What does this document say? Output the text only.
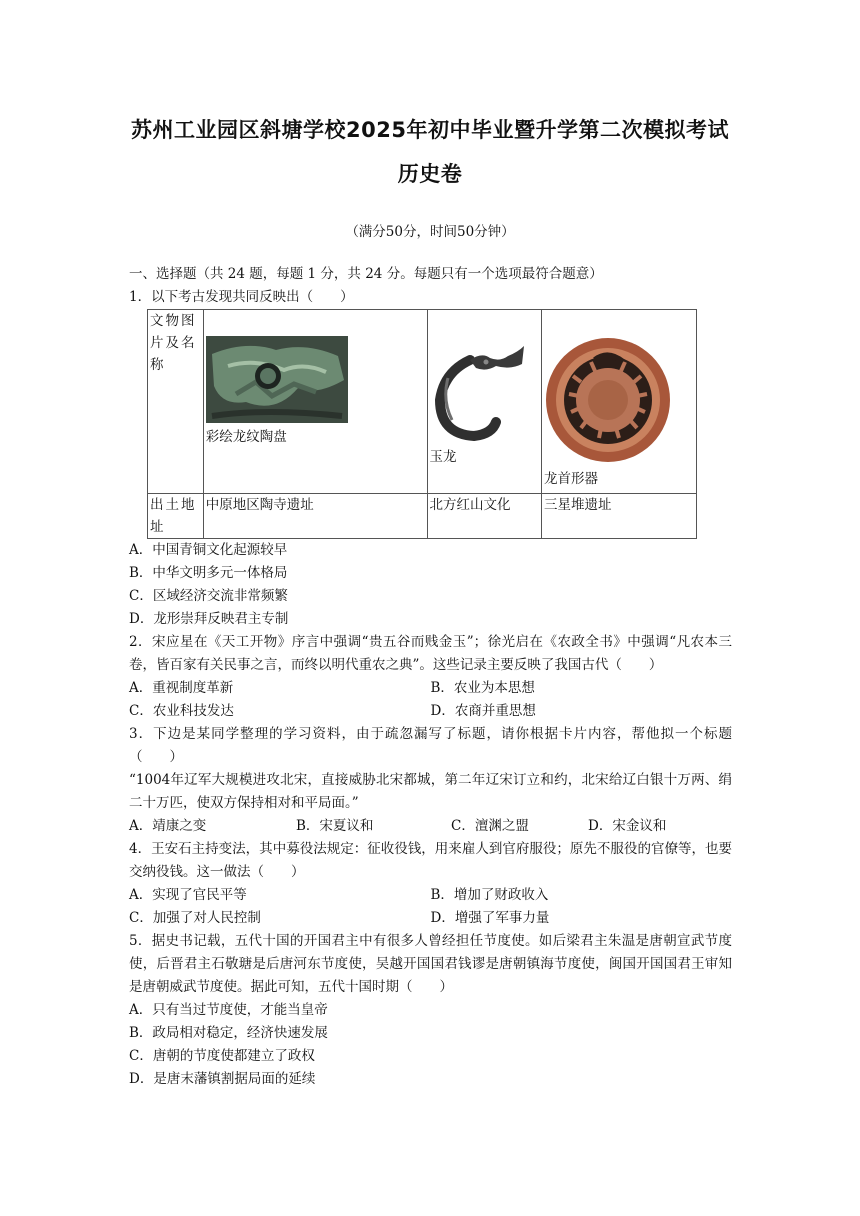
苏州工业园区斜塘学校2025年初中毕业暨升学第二次模拟考试
历史卷
（满分50分，时间50分钟）
一、选择题（共 24 题，每题 1 分，共 24 分。每题只有一个选项最符合题意）
1．以下考古发现共同反映出（　　）
文物图片及名称	彩绘龙纹陶盘	玉龙	龙首形器

出土地址	中原地区陶寺遗址	北方红山文化	三星堆遗址
A．中国青铜文化起源较早
B．中华文明多元一体格局
C．区域经济交流非常频繁
D．龙形崇拜反映君主专制
2．宋应星在《天工开物》序言中强调“贵五谷而贱金玉”；徐光启在《农政全书》中强调“凡农本三卷，皆百家有关民事之言，而终以明代重农之典”。这些记录主要反映了我国古代（　　）
A．重视制度革新	B．农业为本思想
C．农业科技发达	D．农商并重思想
3．下边是某同学整理的学习资料，由于疏忽漏写了标题，请你根据卡片内容，帮他拟一个标题（　　）
“1004年辽军大规模进攻北宋，直接威胁北宋都城，第二年辽宋订立和约，北宋给辽白银十万两、绢二十万匹，使双方保持相对和平局面。”
A．靖康之变	B．宋夏议和	C．澶渊之盟	D．宋金议和
4．王安石主持变法，其中募役法规定：征收役钱，用来雇人到官府服役；原先不服役的官僚等，也要交纳役钱。这一做法（　　）
A．实现了官民平等	B．增加了财政收入
C．加强了对人民控制	D．增强了军事力量
5．据史书记载，五代十国的开国君主中有很多人曾经担任节度使。如后梁君主朱温是唐朝宣武节度使，后晋君主石敬瑭是后唐河东节度使，吴越开国国君钱谬是唐朝镇海节度使，闽国开国国君王审知是唐朝威武节度使。据此可知，五代十国时期（　　）
A．只有当过节度使，才能当皇帝
B．政局相对稳定，经济快速发展
C．唐朝的节度使都建立了政权
D．是唐末藩镇割据局面的延续
